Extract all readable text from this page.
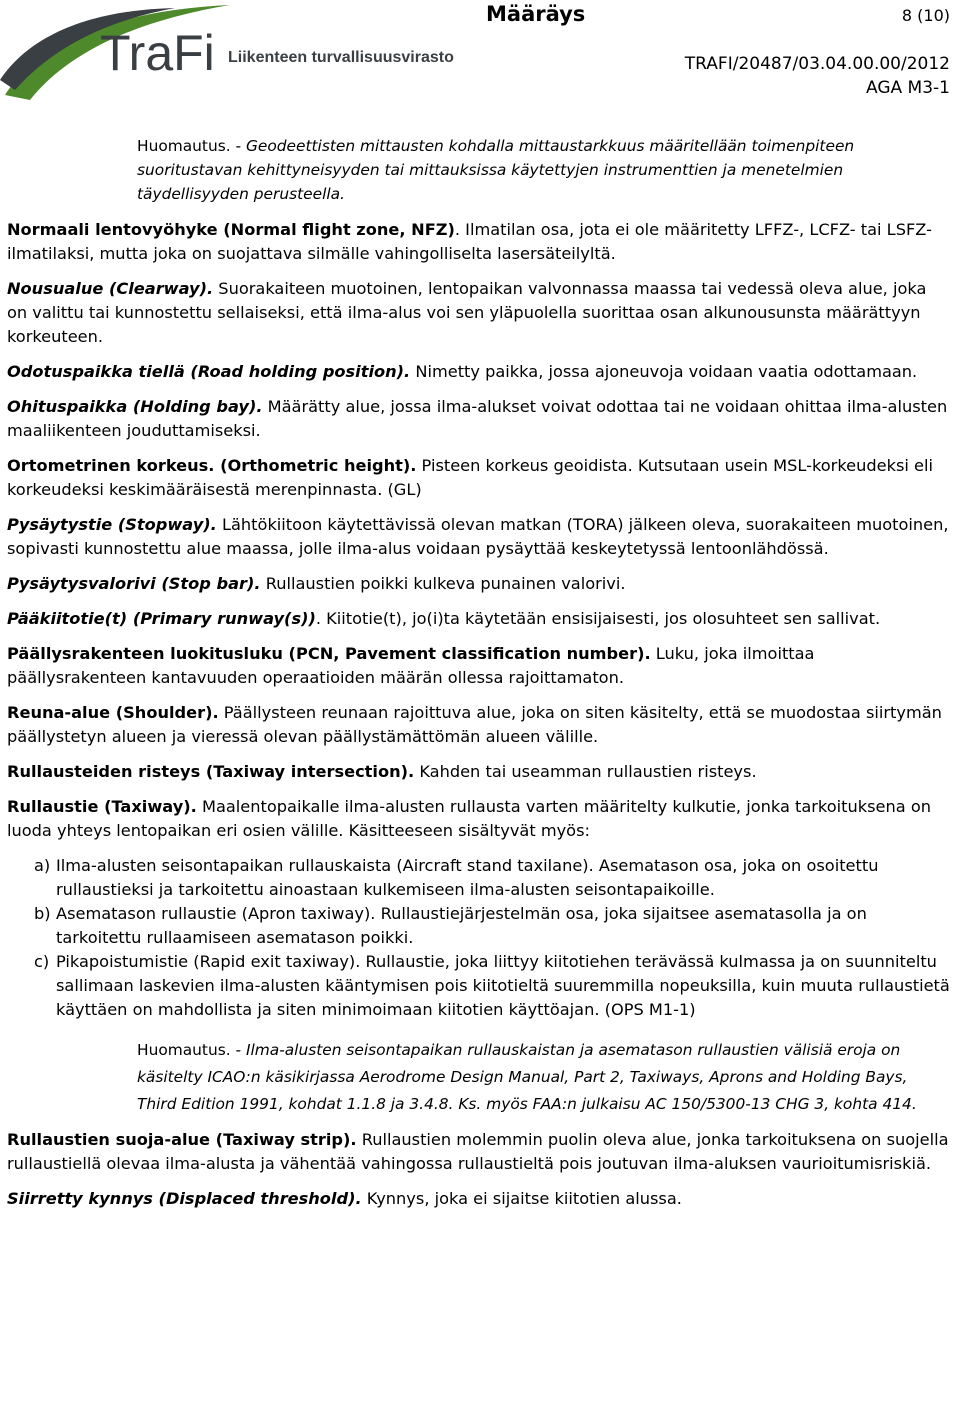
TraFi Liikenteen turvallisuusvirasto
Määräys	8 (10)
TRAFI/20487/03.04.00.00/2012
AGA M3-1

Huomautus. - Geodeettisten mittausten kohdalla mittaustarkkuus määritellään toimenpiteen suoritustavan kehittyneisyyden tai mittauksissa käytettyjen instrumenttien ja menetelmien täydellisyyden perusteella.

Normaali lentovyöhyke (Normal flight zone, NFZ). Ilmatilan osa, jota ei ole määritetty LFFZ-, LCFZ- tai LSFZ-ilmatilaksi, mutta joka on suojattava silmälle vahingolliselta lasersäteilyltä.

Nousualue (Clearway). Suorakaiteen muotoinen, lentopaikan valvonnassa maassa tai vedessä oleva alue, joka on valittu tai kunnostettu sellaiseksi, että ilma-alus voi sen yläpuolella suorittaa osan alkunousunsta määrättyyn korkeuteen.

Odotuspaikka tiellä (Road holding position). Nimetty paikka, jossa ajoneuvoja voidaan vaatia odottamaan.

Ohituspaikka (Holding bay). Määrätty alue, jossa ilma-alukset voivat odottaa tai ne voidaan ohittaa ilma-alusten maaliikenteen jouduttamiseksi.

Ortometrinen korkeus. (Orthometric height). Pisteen korkeus geoidista. Kutsutaan usein MSL-korkeudeksi eli korkeudeksi keskimääräisestä merenpinnasta. (GL)

Pysäytystie (Stopway). Lähtökiitoon käytettävissä olevan matkan (TORA) jälkeen oleva, suorakaiteen muotoinen, sopivasti kunnostettu alue maassa, jolle ilma-alus voidaan pysäyttää keskeytetyssä lentoonlähdössä.

Pysäytysvalorivi (Stop bar). Rullaustien poikki kulkeva punainen valorivi.

Pääkiitotie(t) (Primary runway(s)). Kiitotie(t), jo(i)ta käytetään ensisijaisesti, jos olosuhteet sen sallivat.

Päällysrakenteen luokitusluku (PCN, Pavement classification number). Luku, joka ilmoittaa päällysrakenteen kantavuuden operaatioiden määrän ollessa rajoittamaton.

Reuna-alue (Shoulder). Päällysteen reunaan rajoittuva alue, joka on siten käsitelty, että se muodostaa siirtymän päällystetyn alueen ja vieressä olevan päällystämättömän alueen välille.

Rullausteiden risteys (Taxiway intersection). Kahden tai useamman rullaustien risteys.

Rullaustie (Taxiway). Maalentopaikalle ilma-alusten rullausta varten määritelty kulkutie, jonka tarkoituksena on luoda yhteys lentopaikan eri osien välille. Käsitteeseen sisältyvät myös:

a) Ilma-alusten seisontapaikan rullauskaista (Aircraft stand taxilane). Asematason osa, joka on osoitettu rullaustieksi ja tarkoitettu ainoastaan kulkemiseen ilma-alusten seisontapaikoille.
b) Asematason rullaustie (Apron taxiway). Rullaustiejärjestelmän osa, joka sijaitsee asematasolla ja on tarkoitettu rullaamiseen asematason poikki.
c) Pikapoistumistie (Rapid exit taxiway). Rullaustie, joka liittyy kiitotiehen terävässä kulmassa ja on suunniteltu sallimaan laskevien ilma-alusten kääntymisen pois kiitotieltä suuremmilla nopeuksilla, kuin muuta rullaustietä käyttäen on mahdollista ja siten minimoimaan kiitotien käyttöajan. (OPS M1-1)

Huomautus. - Ilma-alusten seisontapaikan rullauskaistan ja asematason rullaustien välisiä eroja on käsitelty ICAO:n käsikirjassa Aerodrome Design Manual, Part 2, Taxiways, Aprons and Holding Bays, Third Edition 1991, kohdat 1.1.8 ja 3.4.8. Ks. myös FAA:n julkaisu AC 150/5300-13 CHG 3, kohta 414.

Rullaustien suoja-alue (Taxiway strip). Rullaustien molemmin puolin oleva alue, jonka tarkoituksena on suojella rullaustiellä olevaa ilma-alusta ja vähentää vahingossa rullaustieltä pois joutuvan ilma-aluksen vaurioitumisriskiä.

Siirretty kynnys (Displaced threshold). Kynnys, joka ei sijaitse kiitotien alussa.
